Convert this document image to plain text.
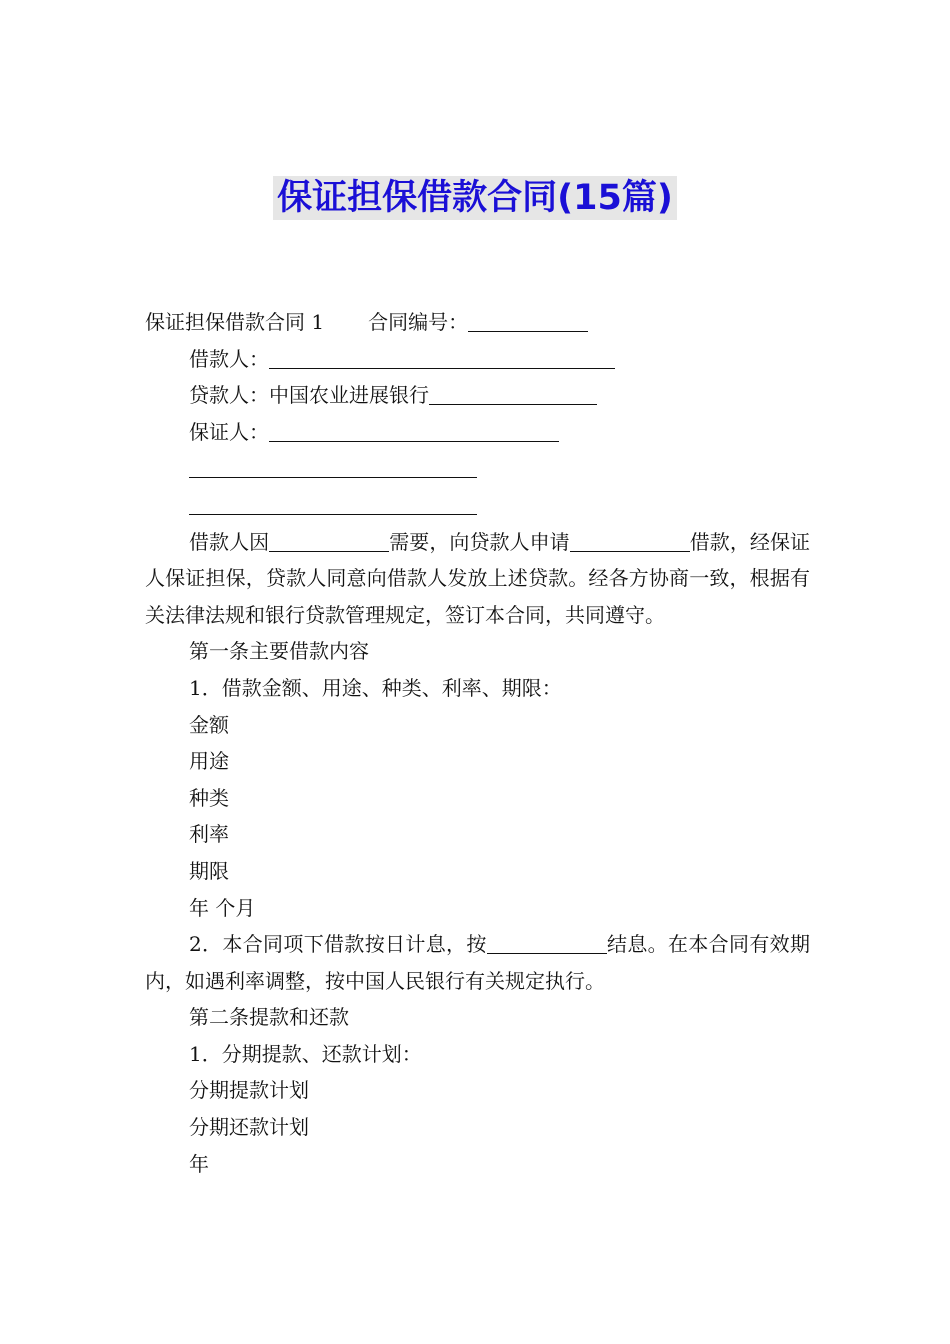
保证担保借款合同(15篇)
保证担保借款合同 1 合同编号：
借款人：
贷款人：中国农业进展银行
保证人：
借款人因	需要，向贷款人申请	借款，经保证人保证担保，贷款人同意向借款人发放上述贷款。经各方协商一致，根据有关法律法规和银行贷款管理规定，签订本合同，共同遵守。
第一条主要借款内容
1．借款金额、用途、种类、利率、期限：
金额
用途
种类
利率
期限
年 个月
2．本合同项下借款按日计息，按	结息。在本合同有效期内，如遇利率调整，按中国人民银行有关规定执行。
第二条提款和还款
1．分期提款、还款计划：
分期提款计划
分期还款计划
年
